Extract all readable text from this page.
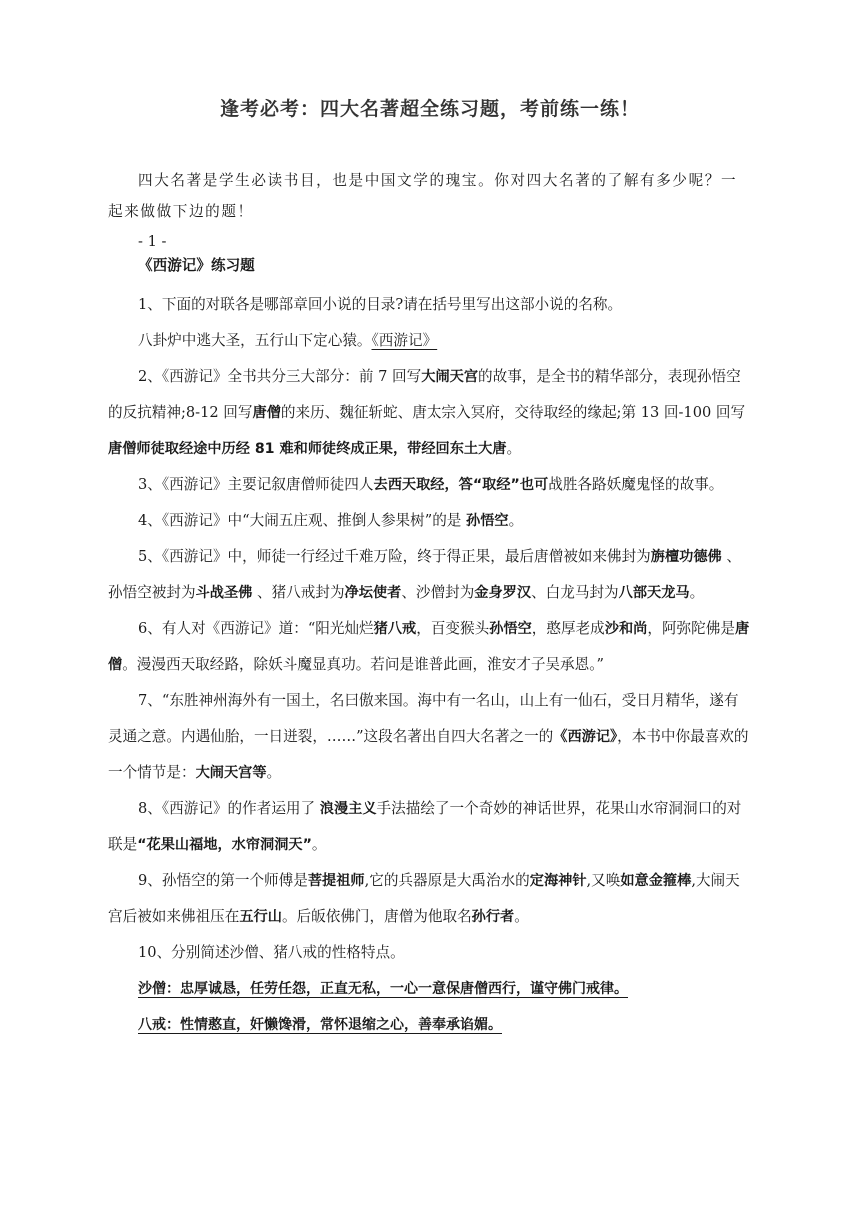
逢考必考：四大名著超全练习题，考前练一练！

四大名著是学生必读书目，也是中国文学的瑰宝。你对四大名著的了解有多少呢？一起来做做下边的题！

- 1 -

《西游记》练习题

1、下面的对联各是哪部章回小说的目录?请在括号里写出这部小说的名称。

八卦炉中逃大圣，五行山下定心猿。《西游记》

2、《西游记》全书共分三大部分：前 7 回写大闹天宫的故事，是全书的精华部分，表现孙悟空的反抗精神;8-12 回写唐僧的来历、魏征斩蛇、唐太宗入冥府，交待取经的缘起;第 13 回-100 回写唐僧师徒取经途中历经 81 难和师徒终成正果，带经回东土大唐。

3、《西游记》主要记叙唐僧师徒四人去西天取经，答“取经”也可战胜各路妖魔鬼怪的故事。

4、《西游记》中“大闹五庄观、推倒人参果树”的是 孙悟空。

5、《西游记》中，师徒一行经过千难万险，终于得正果，最后唐僧被如来佛封为旃檀功德佛 、孙悟空被封为斗战圣佛 、猪八戒封为净坛使者、沙僧封为金身罗汉、白龙马封为八部天龙马。

6、有人对《西游记》道：“阳光灿烂猪八戒，百变猴头孙悟空，憨厚老成沙和尚，阿弥陀佛是唐僧。漫漫西天取经路，除妖斗魔显真功。若问是谁普此画，淮安才子吴承恩。”

7、“东胜神州海外有一国土，名曰傲来国。海中有一名山，山上有一仙石，受日月精华，遂有灵通之意。内遇仙胎，一日迸裂，……”这段名著出自四大名著之一的《西游记》，本书中你最喜欢的一个情节是：大闹天宫等。

8、《西游记》的作者运用了 浪漫主义手法描绘了一个奇妙的神话世界，花果山水帘洞洞口的对联是“花果山福地，水帘洞洞天”。

9、孙悟空的第一个师傅是菩提祖师,它的兵器原是大禹治水的定海神针,又唤如意金箍棒,大闹天宫后被如来佛祖压在五行山。后皈依佛门，唐僧为他取名孙行者。

10、分别简述沙僧、猪八戒的性格特点。

沙僧：忠厚诚恳，任劳任怨，正直无私，一心一意保唐僧西行，谨守佛门戒律。

八戒：性情憨直，奸懒馋滑，常怀退缩之心，善奉承谄媚。
